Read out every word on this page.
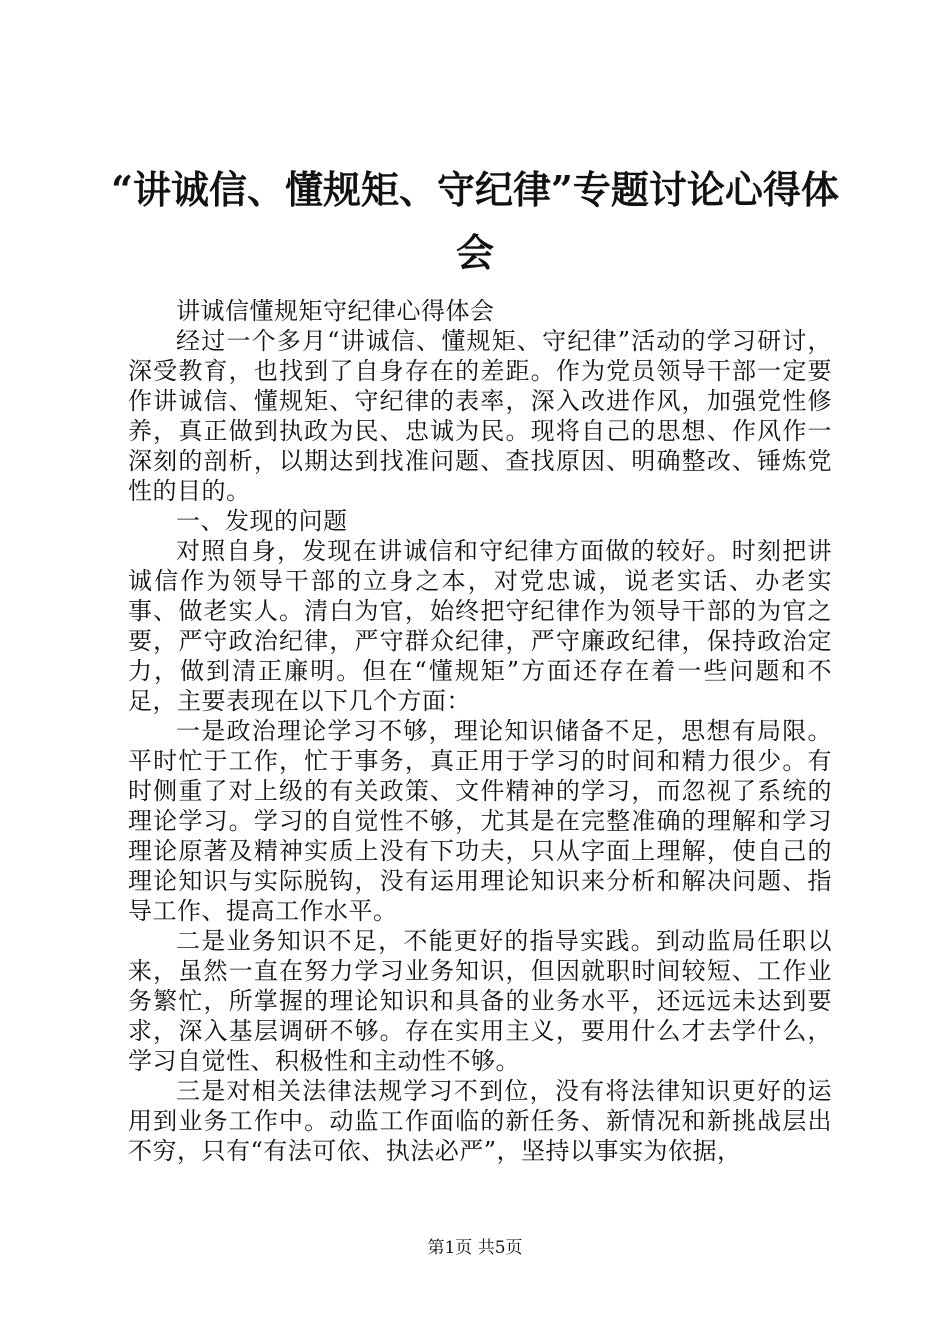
“讲诚信、懂规矩、守纪律”专题讨论心得体会

讲诚信懂规矩守纪律心得体会

经过一个多月“讲诚信、懂规矩、守纪律”活动的学习研讨，深受教育，也找到了自身存在的差距。作为党员领导干部一定要作讲诚信、懂规矩、守纪律的表率，深入改进作风，加强党性修养，真正做到执政为民、忠诚为民。现将自己的思想、作风作一深刻的剖析，以期达到找准问题、查找原因、明确整改、锤炼党性的目的。

一、发现的问题

对照自身，发现在讲诚信和守纪律方面做的较好。时刻把讲诚信作为领导干部的立身之本，对党忠诚，说老实话、办老实事、做老实人。清白为官，始终把守纪律作为领导干部的为官之要，严守政治纪律，严守群众纪律，严守廉政纪律，保持政治定力，做到清正廉明。但在“懂规矩”方面还存在着一些问题和不足，主要表现在以下几个方面：

一是政治理论学习不够，理论知识储备不足，思想有局限。平时忙于工作，忙于事务，真正用于学习的时间和精力很少。有时侧重了对上级的有关政策、文件精神的学习，而忽视了系统的理论学习。学习的自觉性不够，尤其是在完整准确的理解和学习理论原著及精神实质上没有下功夫，只从字面上理解，使自己的理论知识与实际脱钩，没有运用理论知识来分析和解决问题、指导工作、提高工作水平。

二是业务知识不足，不能更好的指导实践。到动监局任职以来，虽然一直在努力学习业务知识，但因就职时间较短、工作业务繁忙，所掌握的理论知识和具备的业务水平，还远远未达到要求，深入基层调研不够。存在实用主义，要用什么才去学什么，学习自觉性、积极性和主动性不够。

三是对相关法律法规学习不到位，没有将法律知识更好的运用到业务工作中。动监工作面临的新任务、新情况和新挑战层出不穷，只有“有法可依、执法必严”，坚持以事实为依据，

第1页 共5页
